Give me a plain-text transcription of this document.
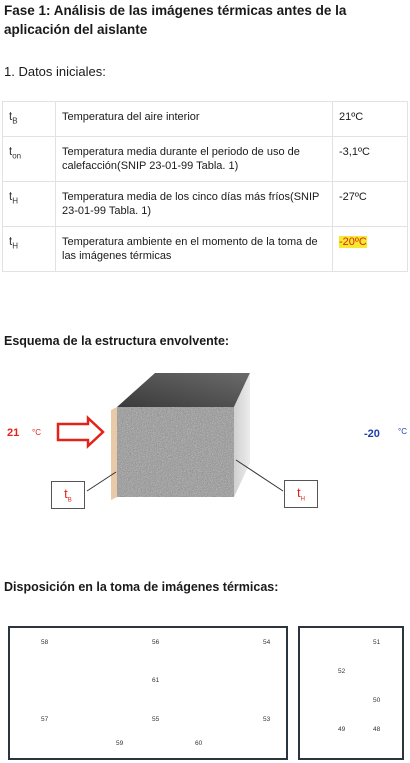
Fase 1: Análisis de las imágenes térmicas antes de la aplicación del aislante
1. Datos iniciales:
$t_B$	Temperatura del aire interior	21ºC
$t_{on}$	Temperatura media durante el periodo de uso de calefacción(SNIP 23-01-99 Tabla. 1)	-3,1ºC
$t_H$	Temperatura media de los cinco días más fríos(SNIP 23-01-99 Tabla. 1)	-27ºC
$t_H$	Temperatura ambiente en el momento de la toma de las imágenes térmicas	-20ºC
Esquema de la estructura envolvente:
21 °C	-20 °C
$t_B$
$t_H$
Disposición en la toma de imágenes térmicas:
58	56	54
61
57	55	53
59	60
51
52
50
49	48
